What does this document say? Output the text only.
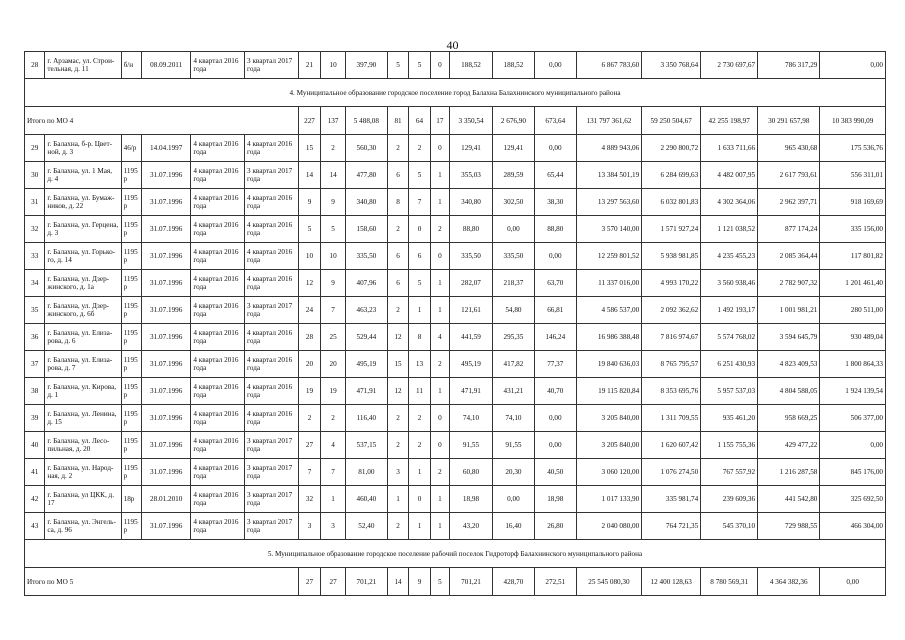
40
28	г. Арзамас, ул. Строи-тельная, д. 11	б/н	08.09.2011	4 квартал 2016 года	3 квартал 2017 года	21	10	397,90	5	5	0	188,52	188,52	0,00	6 867 783,60	3 350 768,64	2 730 697,67	786 317,29	0,00
4. Муниципальное образование городское поселение город Балахна Балахнинского муниципального района																			
Итого по МО 4						227	137	5 488,08	81	64	17	3 350,54	2 676,90	673,64	131 797 361,62	59 250 504,67	42 255 198,97	30 291 657,98	10 383 990,09
29	г. Балахна, б-р. Цвет-ной, д. 3	46/р	14.04.1997	4 квартал 2016 года	4 квартал 2016 года	15	2	560,30	2	2	0	129,41	129,41	0,00	4 889 943,06	2 290 800,72	1 633 711,66	965 430,68	175 536,76
30	г. Балахна, ул. 1 Мая, д. 4	1195 р	31.07.1996	4 квартал 2016 года	3 квартал 2017 года	14	14	477,80	6	5	1	355,03	289,59	65,44	13 384 501,19	6 284 699,63	4 482 007,95	2 617 793,61	556 311,01
31	г. Балахна, ул. Бумаж-ников, д. 22	1195 р	31.07.1996	4 квартал 2016 года	4 квартал 2016 года	9	9	340,80	8	7	1	340,80	302,50	38,30	13 297 563,60	6 032 801,83	4 302 364,06	2 962 397,71	918 169,69
32	г. Балахна, ул. Герцена, д. 3	1195 р	31.07.1996	4 квартал 2016 года	4 квартал 2016 года	5	5	158,60	2	0	2	88,80	0,00	88,80	3 570 140,00	1 571 927,24	1 121 038,52	877 174,24	335 156,00
33	г. Балахна, ул. Горько-го, д. 14	1195 р	31.07.1996	4 квартал 2016 года	4 квартал 2016 года	10	10	335,50	6	6	0	335,50	335,50	0,00	12 259 801,52	5 938 981,85	4 235 455,23	2 085 364,44	117 801,82
34	г. Балахна, ул. Дзер-жинского, д. 1а	1195 р	31.07.1996	4 квартал 2016 года	4 квартал 2016 года	12	9	407,96	6	5	1	282,07	218,37	63,70	11 337 016,00	4 993 170,22	3 560 938,46	2 782 907,32	1 201 461,40
35	г. Балахна, ул. Дзер-жинского, д. 6б	1195 р	31.07.1996	4 квартал 2016 года	3 квартал 2017 года	24	7	463,23	2	1	1	121,61	54,80	66,81	4 586 537,00	2 092 362,62	1 492 193,17	1 001 981,21	280 511,00
36	г. Балахна, ул. Елиза-рова, д. 6	1195 р	31.07.1996	4 квартал 2016 года	4 квартал 2016 года	28	25	529,44	12	8	4	441,59	295,35	146,24	16 986 388,48	7 816 974,67	5 574 768,02	3 594 645,79	930 489,04
37	г. Балахна, ул. Елиза-рова, д. 7	1195 р	31.07.1996	4 квартал 2016 года	4 квартал 2016 года	20	20	495,19	15	13	2	495,19	417,82	77,37	19 840 636,03	8 765 795,57	6 251 430,93	4 823 409,53	1 800 864,33
38	г. Балахна, ул. Кирова, д. 1	1195 р	31.07.1996	4 квартал 2016 года	4 квартал 2016 года	19	19	471,91	12	11	1	471,91	431,21	40,70	19 115 820,84	8 353 695,76	5 957 537,03	4 804 588,05	1 924 139,54
39	г. Балахна, ул. Ленина, д. 15	1195 р	31.07.1996	4 квартал 2016 года	4 квартал 2016 года	2	2	116,40	2	2	0	74,10	74,10	0,00	3 205 840,00	1 311 709,55	935 461,20	958 669,25	506 377,00
40	г. Балахна, ул. Лесо-пильная, д. 20	1195 р	31.07.1996	4 квартал 2016 года	3 квартал 2017 года	27	4	537,15	2	2	0	91,55	91,55	0,00	3 205 840,00	1 620 607,42	1 155 755,36	429 477,22	0,00
41	г. Балахна, ул. Народ-ная, д. 2	1195 р	31.07.1996	4 квартал 2016 года	3 квартал 2017 года	7	7	81,00	3	1	2	60,80	20,30	40,50	3 060 120,00	1 076 274,50	767 557,92	1 216 287,58	845 176,00
42	г. Балахна, ул ЦКК, д. 17	18р	28.01.2010	4 квартал 2016 года	3 квартал 2017 года	32	1	460,40	1	0	1	18,98	0,00	18,98	1 017 133,90	335 981,74	239 609,36	441 542,80	325 692,50
43	г. Балахна, ул. Энгель-са, д. 96	1195 р	31.07.1996	4 квартал 2016 года	3 квартал 2017 года	3	3	52,40	2	1	1	43,20	16,40	26,80	2 040 080,00	764 721,35	545 370,10	729 988,55	466 304,00
5. Муниципальное образование городское поселение рабочий поселок Гидроторф Балахнинского муниципального района																			
Итого по МО 5						27	27	701,21	14	9	5	701,21	428,70	272,51	25 545 080,30	12 400 128,63	8 780 569,31	4 364 382,36	0,00
